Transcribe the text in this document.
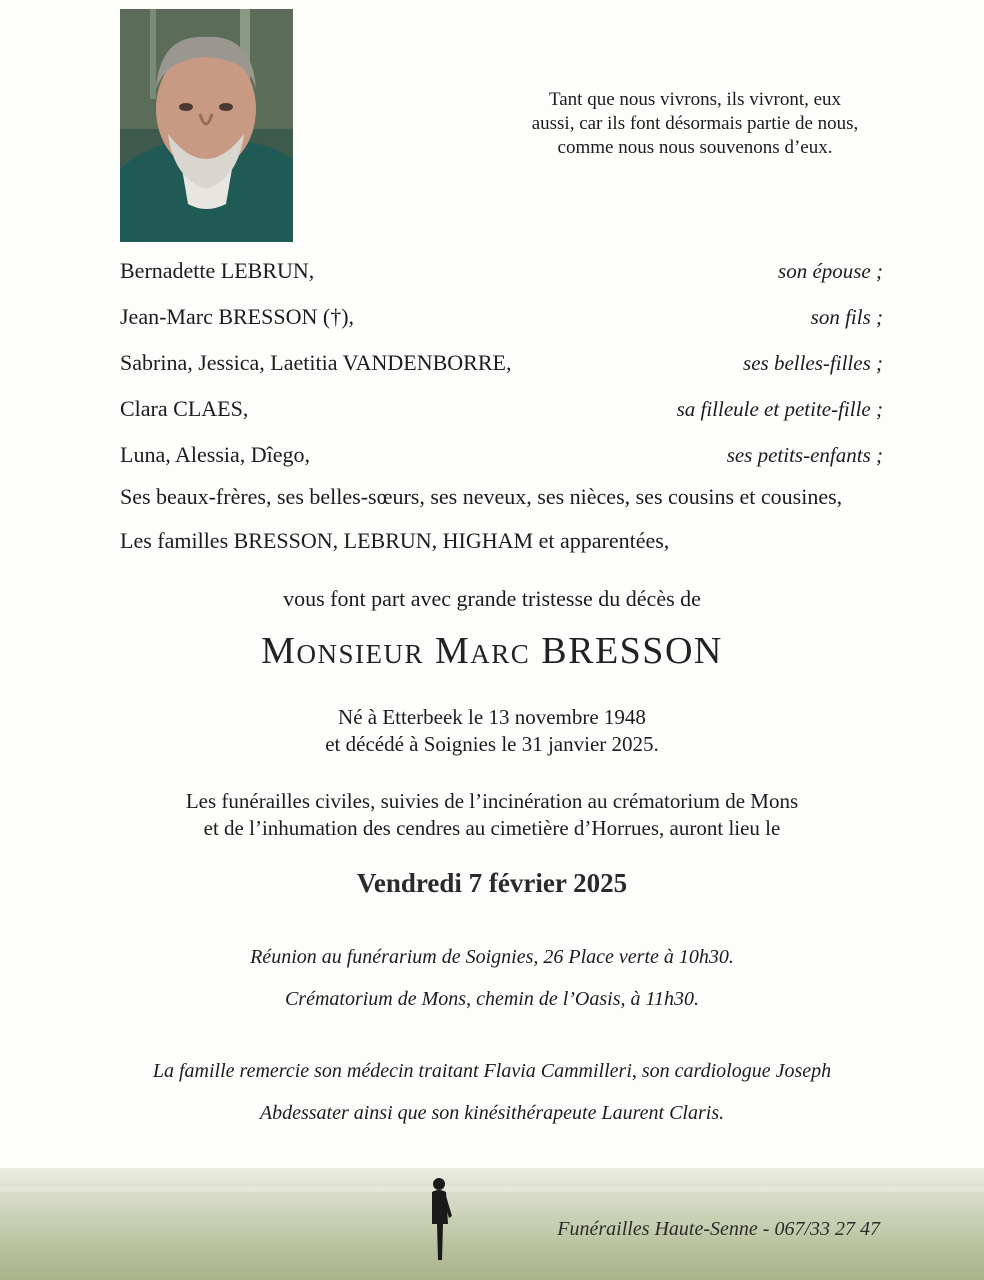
Tant que nous vivrons, ils vivront, eux
aussi, car ils font désormais partie de nous,
comme nous nous souvenons d’eux.
Bernadette LEBRUN,	son épouse ;
Jean-Marc BRESSON (†),	son fils ;
Sabrina, Jessica, Laetitia VANDENBORRE,	ses belles-filles ;
Clara CLAES,	sa filleule et petite-fille ;
Luna, Alessia, Dîego,	ses petits-enfants ;
Ses beaux-frères, ses belles-sœurs, ses neveux, ses nièces, ses cousins et cousines,
Les familles BRESSON, LEBRUN, HIGHAM et apparentées,
vous font part avec grande tristesse du décès de
Monsieur Marc BRESSON
Né à Etterbeek le 13 novembre 1948
et décédé à Soignies le 31 janvier 2025.
Les funérailles civiles, suivies de l’incinération au crématorium de Mons
et de l’inhumation des cendres au cimetière d’Horrues, auront lieu le
Vendredi 7 février 2025
Réunion au funérarium de Soignies, 26 Place verte à 10h30.
Crématorium de Mons, chemin de l’Oasis, à 11h30.
La famille remercie son médecin traitant Flavia Cammilleri, son cardiologue Joseph
Abdessater ainsi que son kinésithérapeute Laurent Claris.
Funérailles Haute-Senne - 067/33 27 47
